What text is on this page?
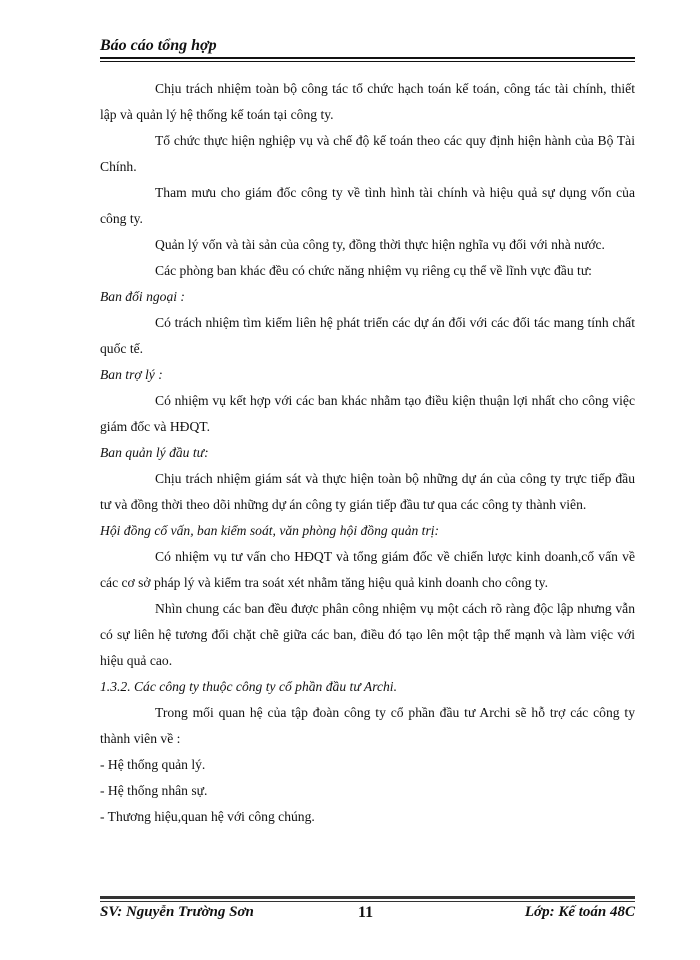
Báo cáo tổng hợp

Chịu trách nhiệm toàn bộ công tác tổ chức hạch toán kế toán, công tác tài chính, thiết lập và quản lý hệ thống kế toán tại công ty.

Tổ chức thực hiện nghiệp vụ và chế độ kế toán theo các quy định hiện hành của Bộ Tài Chính.

Tham mưu cho giám đốc công ty về tình hình tài chính và hiệu quả sự dụng vốn của công ty.

Quản lý vốn và tài sản của công ty, đồng thời thực hiện nghĩa vụ đối với nhà nước.

Các phòng ban khác đều có chức năng nhiệm vụ riêng cụ thể về lĩnh vực đầu tư:

Ban đối ngoại :

Có trách nhiệm tìm kiếm liên hệ phát triển các dự án đối với các đối tác mang tính chất quốc tế.

Ban trợ lý :

Có nhiệm vụ kết hợp với các ban khác nhằm tạo điều kiện thuận lợi nhất cho công việc giám đốc và HĐQT.

Ban quản lý đầu tư:

Chịu trách nhiệm giám sát và thực hiện toàn bộ những dự án của công ty trực tiếp đầu tư và đồng thời theo dõi những dự án công ty gián tiếp đầu tư qua các công ty thành viên.

Hội đồng cố vấn, ban kiểm soát, văn phòng hội đồng quản trị:

Có nhiệm vụ tư vấn cho HĐQT và tổng giám đốc về chiến lược kinh doanh,cố vấn về các cơ sở pháp lý và kiểm tra soát xét nhằm tăng hiệu quả kinh doanh cho công ty.

Nhìn chung các ban đều được phân công nhiệm vụ một cách rõ ràng độc lập nhưng vẫn có sự liên hệ tương đối chặt chẽ giữa các ban, điều đó tạo lên một tập thể mạnh và làm việc với hiệu quả cao.

1.3.2. Các công ty thuộc công ty cổ phần đầu tư Archi.

Trong mối quan hệ của tập đoàn công ty cổ phần đầu tư Archi sẽ hỗ trợ các công ty thành viên về :

- Hệ thống quản lý.

- Hệ thống nhân sự.

- Thương hiệu,quan hệ với công chúng.

SV: Nguyễn Trường Sơn	11	Lớp: Kế toán 48C
